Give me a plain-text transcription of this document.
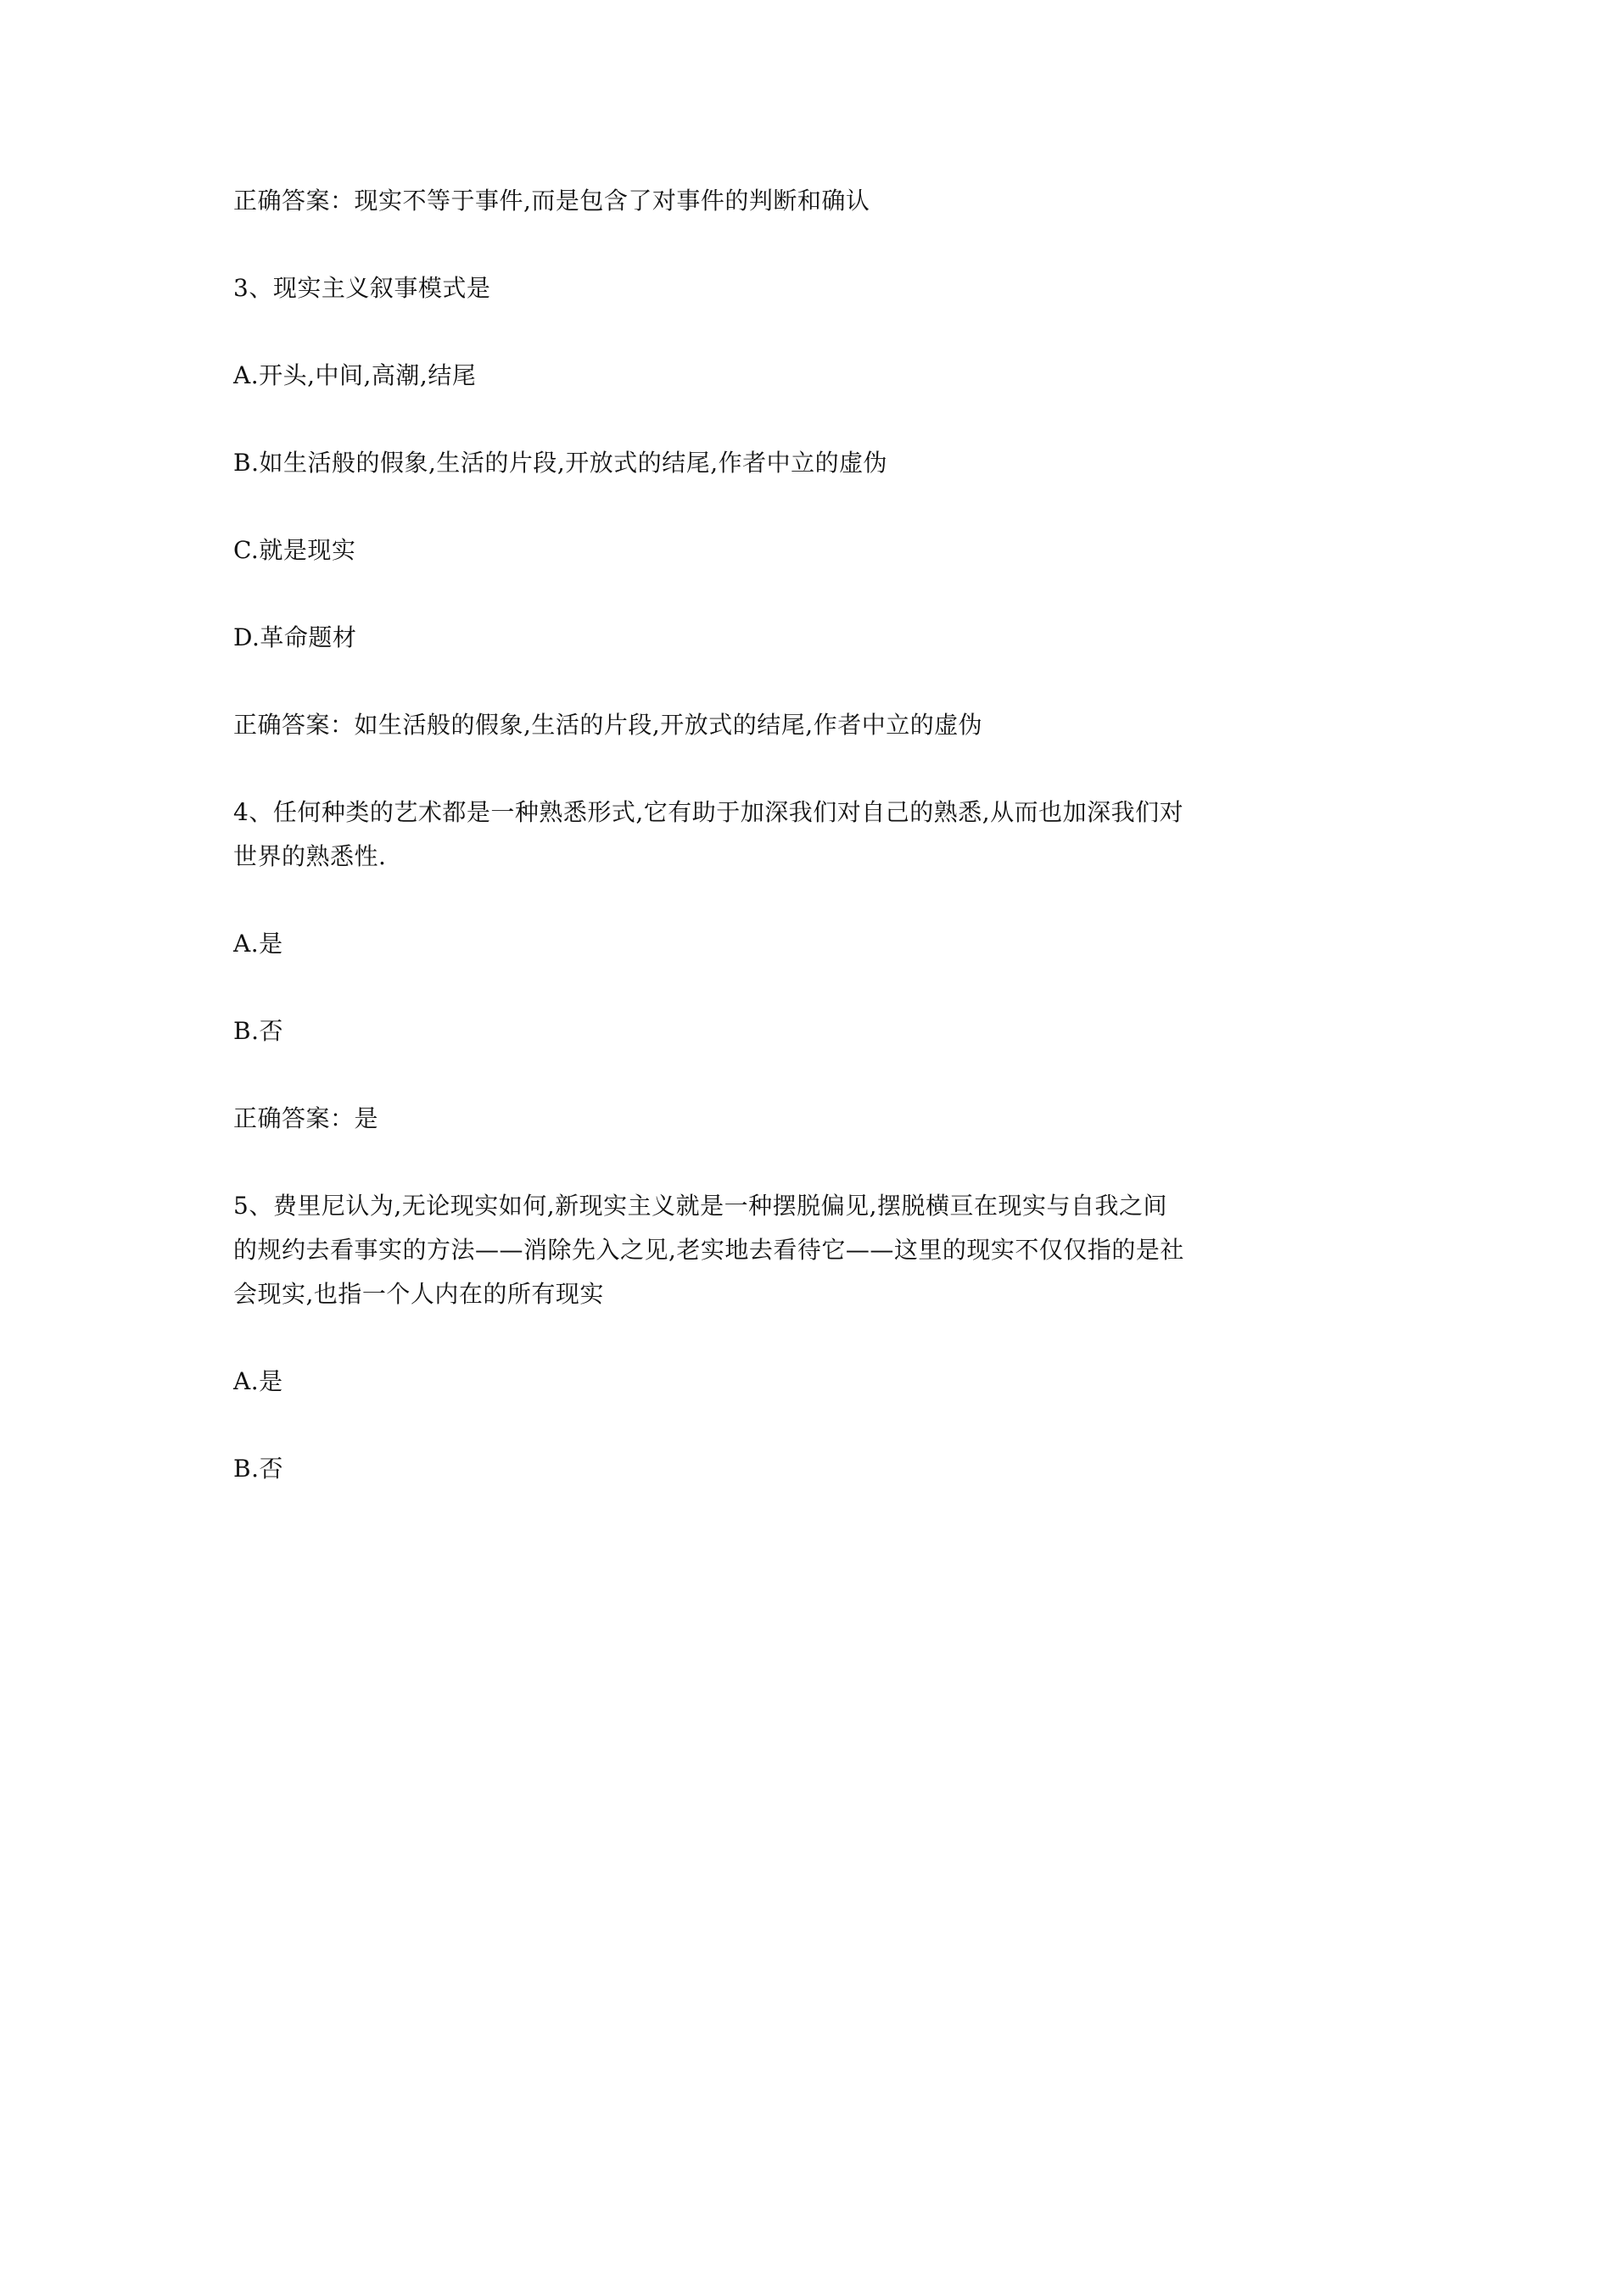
正确答案：现实不等于事件,而是包含了对事件的判断和确认
3、现实主义叙事模式是
A.开头,中间,高潮,结尾
B.如生活般的假象,生活的片段,开放式的结尾,作者中立的虚伪
C.就是现实
D.革命题材
正确答案：如生活般的假象,生活的片段,开放式的结尾,作者中立的虚伪
4、任何种类的艺术都是一种熟悉形式,它有助于加深我们对自己的熟悉,从而也加深我们对
世界的熟悉性.
A.是
B.否
正确答案：是
5、费里尼认为,无论现实如何,新现实主义就是一种摆脱偏见,摆脱横亘在现实与自我之间
的规约去看事实的方法——消除先入之见,老实地去看待它——这里的现实不仅仅指的是社
会现实,也指一个人内在的所有现实
A.是
B.否
